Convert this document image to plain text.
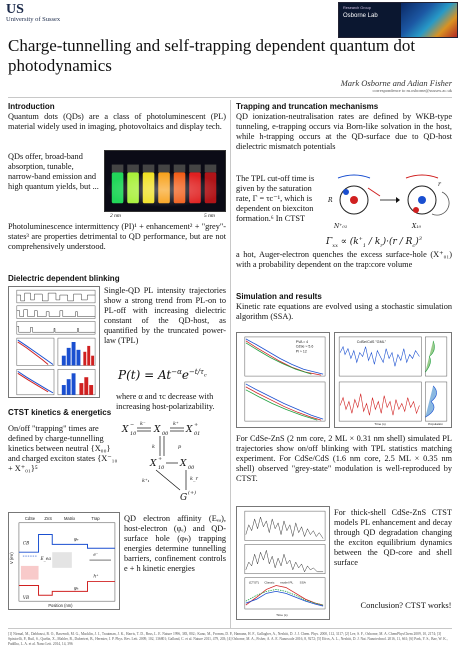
US
University of Sussex
Research Group
Osborne Lab
Charge-tunnelling and self-trapping dependent quantum dot photodynamics
Mark Osborne and Adian Fisher
correspondence to m.osborne@sussex.ac.uk
Introduction

Quantum dots (QDs) are a class of photoluminescent (PL) material widely used in imaging, photovoltaics and display tech.

QDs offer, broad-band absorption, tunable, narrow-band emission and high quantum yields, but ...

2 nm	5 nm

Photoluminescence intermittency (PI)¹ + enhancement² + "grey"-states³ are properties detrimental to QD performance, but are not comprehensively understood.

Dielectric dependent blinking

Single-QD PL intensity trajectories show a strong trend from PL-on to PL-off with increasing dielectric constant of the QD-host, as quantified by the truncated power-law (TPL)

$P(t) = At^{-\alpha}e^{-t/\tau_c}$

where α and τc decrease with increasing host-polarizability.

CTST kinetics & energetics

On/off "trapping" times are defined by charge-tunnelling kinetics between neutral {X₀₀} and charged exciton states {X⁻₁₀ + X⁺₀₁}⁵

X −
10 X 00 X +
01
X +
10 X 00
G (+)
k⁻	k⁺
k
k_r
k⁺₁
p
CdSe ZnS	Matrix	Trap
V (eV)
Position (nm)
CB
VB
E_ea
e⁻
h⁺
φₑ
φₕ

QD electron affinity (Eₑₐ), host-electron (φₑ) and QD-surface hole (φₕ) trapping energies determine tunnelling barriers, confinement controls e + h kinetic energies

Trapping and truncation mechanisms

QD ionization-neutralisation rates are defined by WKB-type tunneling, e-trapping occurs via Born-like solvation in the host, while h-trapping occurs at the QD-surface due to QD-host dielectric mismatch potentials

The TPL cut-off time is given by the saturation rate, Γ = τc⁻¹, which is dependent on biexciton formation.⁶ In CTST

N⁺₀₁	X₁₀
R
r
$\Gamma_{xx} \propto (k^+_1 / k_r)\cdot(r / R_c)^3$

a hot, Auger-electron quenches the excess surface-hole (X⁺₀₁) with a probability dependent on the trap:core volume

Simulation and results

Kinetic rate equations are evolved using a stochastic simulation algorithm (SSA).

PVA ≈ 4
CdSe ≈ 5.6
PI ≈ 12
CdSe/CdS "GML"
Population
Time (s)

For CdSe-ZnS (2 nm core, 2 ML × 0.31 nm shell) simulated PL trajectories show on/off blinking with TPL statistics matching experiment. For CdSe/CdS (1.6 nm core, 2.5 ML × 0.35 nm shell) observed "grey-state" modulation is well-reproduced by CTST.

(CTST) Classic model PL SSA
Time (s)

For thick-shell CdSe-ZnS CTST models PL enhancement and decay through QD degradation changing the exciton equilibrium dynamics between the QD-core and shell surface

Conclusion? CTST works!

[1] Nirmal, M., Dabbousi, B. O., Bawendi, M. G., Macklin, J. J., Trautman, J. K., Harris, T. D., Brus, L. E. Nature 1996, 383, 802.; Kuno, M., Fromm, D. P., Hamann, H. F., Gallagher, A., Nesbitt, D. J. J. Chem. Phys. 2000, 112, 3117; [2] Lee, S. F., Osborne, M. A. ChemPhysChem 2009, 10, 2174; [3] Spinicelli, P., Buil, S., Quelin, X., Mahler, B., Dubertret, B., Hermier, J. P. Phys. Rev. Lett. 2009, 102, 136801; Galland, C. et al. Nature 2011, 479, 203; [4] Osborne, M. A., Fisher, A. A. E. Nanoscale 2016, 8, 9272; [5] Efros, A. L., Nesbitt, D. J. Nat. Nanotechnol. 2016, 11, 661; [6] Park, Y. S., Bae, W. K., Padilha, L. A. et al. Nano Lett. 2014, 14, 396
